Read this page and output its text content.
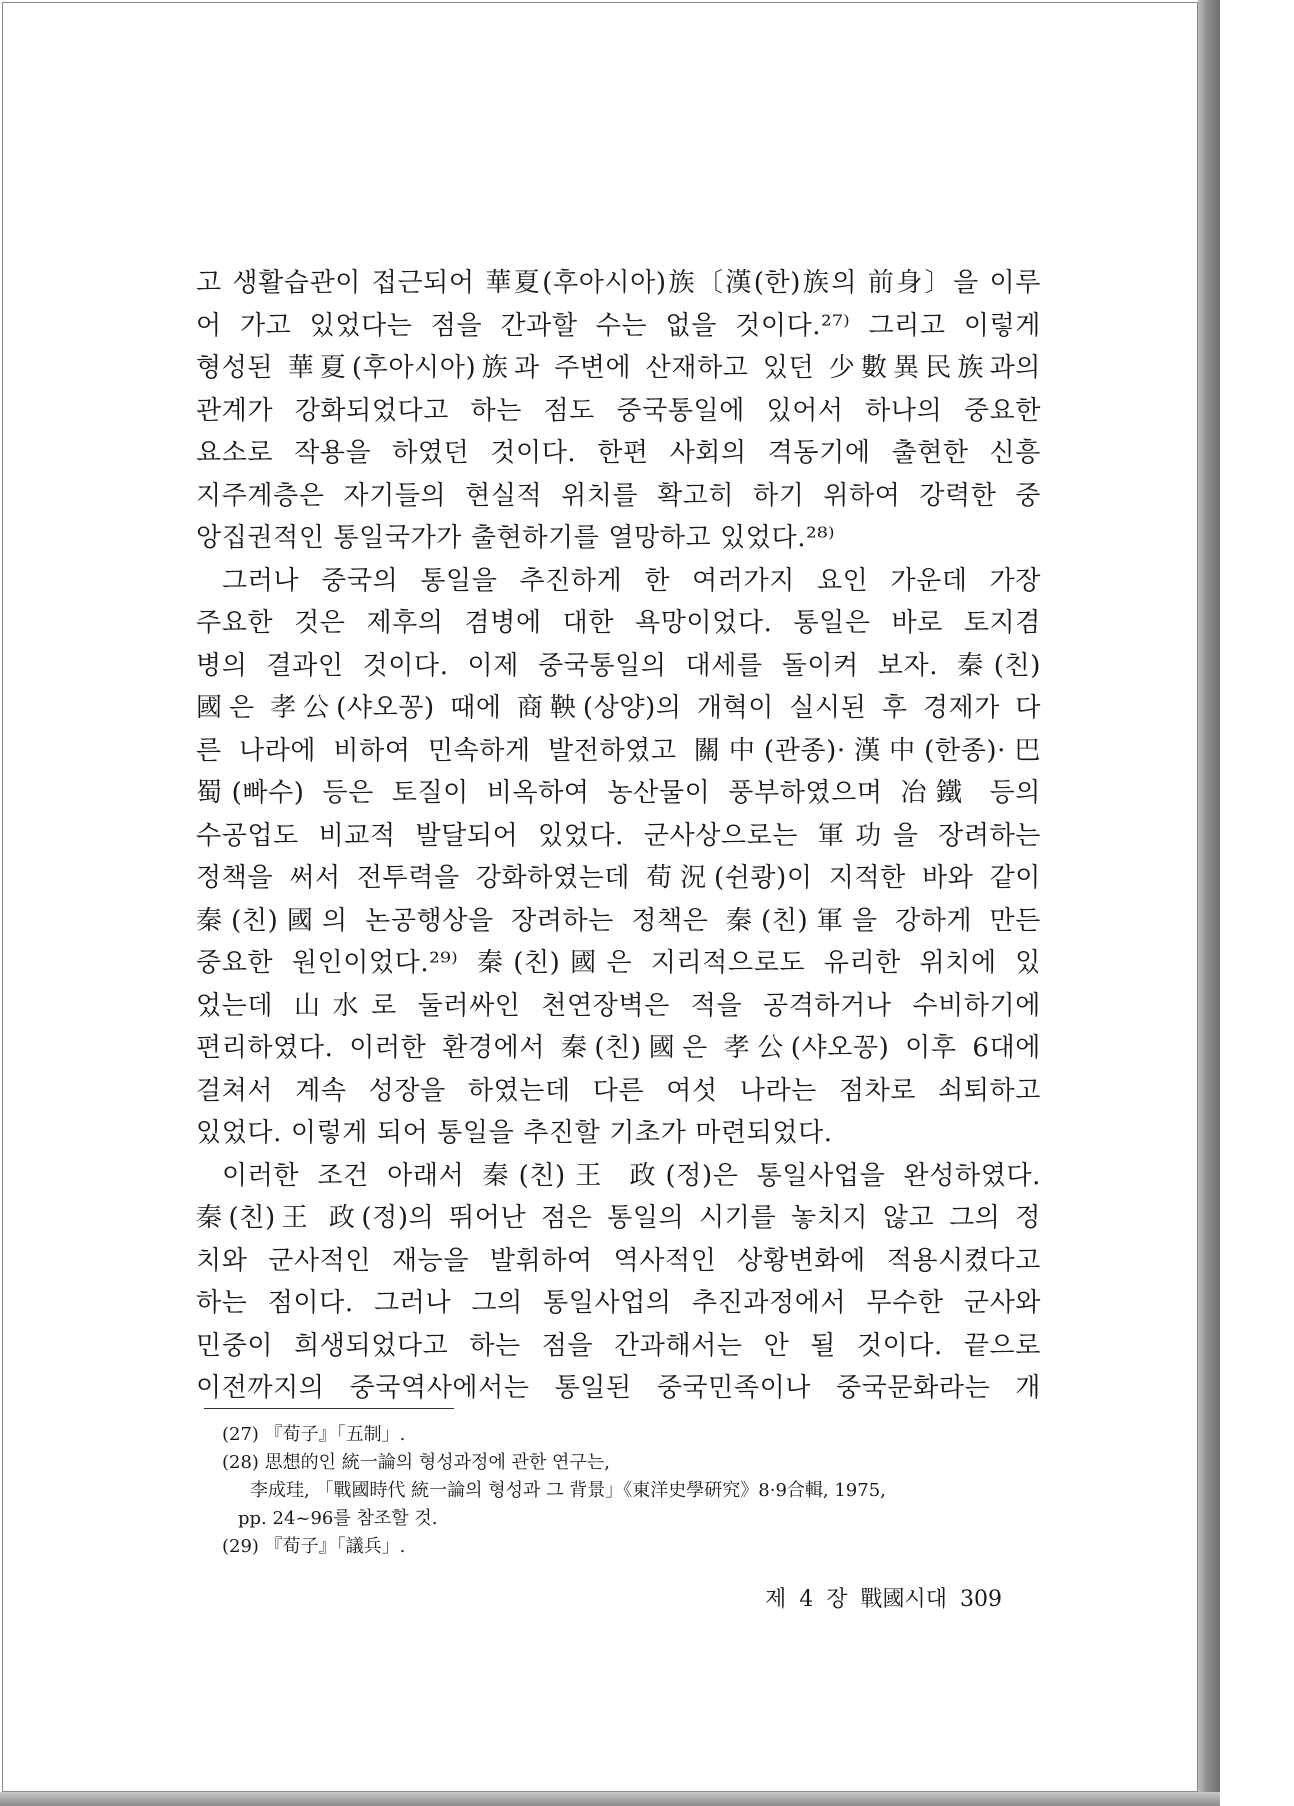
고 생활습관이 접근되어 華夏(후아시아)族〔漢(한)族의 前身〕을 이루
어 가고 있었다는 점을 간과할 수는 없을 것이다.²⁷⁾ 그리고 이렇게
형성된 華夏(후아시아)族과 주변에 산재하고 있던 少數異民族과의
관계가 강화되었다고 하는 점도 중국통일에 있어서 하나의 중요한
요소로 작용을 하였던 것이다. 한편 사회의 격동기에 출현한 신흥
지주계층은 자기들의 현실적 위치를 확고히 하기 위하여 강력한 중
앙집권적인 통일국가가 출현하기를 열망하고 있었다.²⁸⁾
그러나 중국의 통일을 추진하게 한 여러가지 요인 가운데 가장
주요한 것은 제후의 겸병에 대한 욕망이었다. 통일은 바로 토지겸
병의 결과인 것이다. 이제 중국통일의 대세를 돌이켜 보자. 秦(친)
國은 孝公(샤오꽁) 때에 商鞅(상양)의 개혁이 실시된 후 경제가 다
른 나라에 비하여 민속하게 발전하였고 關中(관종)·漢中(한종)·巴
蜀(빠수) 등은 토질이 비옥하여 농산물이 풍부하였으며 冶鐵 등의
수공업도 비교적 발달되어 있었다. 군사상으로는 軍功을 장려하는
정책을 써서 전투력을 강화하였는데 荀況(쉰쾅)이 지적한 바와 같이
秦(친)國의 논공행상을 장려하는 정책은 秦(친)軍을 강하게 만든
중요한 원인이었다.²⁹⁾ 秦(친)國은 지리적으로도 유리한 위치에 있
었는데 山水로 둘러싸인 천연장벽은 적을 공격하거나 수비하기에
편리하였다. 이러한 환경에서 秦(친)國은 孝公(샤오꽁) 이후 6대에
걸쳐서 계속 성장을 하였는데 다른 여섯 나라는 점차로 쇠퇴하고
있었다. 이렇게 되어 통일을 추진할 기초가 마련되었다.
이러한 조건 아래서 秦(친)王 政(정)은 통일사업을 완성하였다.
秦(친)王 政(정)의 뛰어난 점은 통일의 시기를 놓치지 않고 그의 정
치와 군사적인 재능을 발휘하여 역사적인 상황변화에 적용시켰다고
하는 점이다. 그러나 그의 통일사업의 추진과정에서 무수한 군사와
민중이 희생되었다고 하는 점을 간과해서는 안 될 것이다. 끝으로
이전까지의 중국역사에서는 통일된 중국민족이나 중국문화라는 개
(27) 『荀子』「五制」.
(28) 思想的인 統一論의 형성과정에 관한 연구는,
李成珪, 「戰國時代 統一論의 형성과 그 背景」《東洋史學硏究》8·9合輯, 1975,
pp. 24~96를 참조할 것.
(29) 『荀子』「議兵」.
제 4 장 戰國시대 309
